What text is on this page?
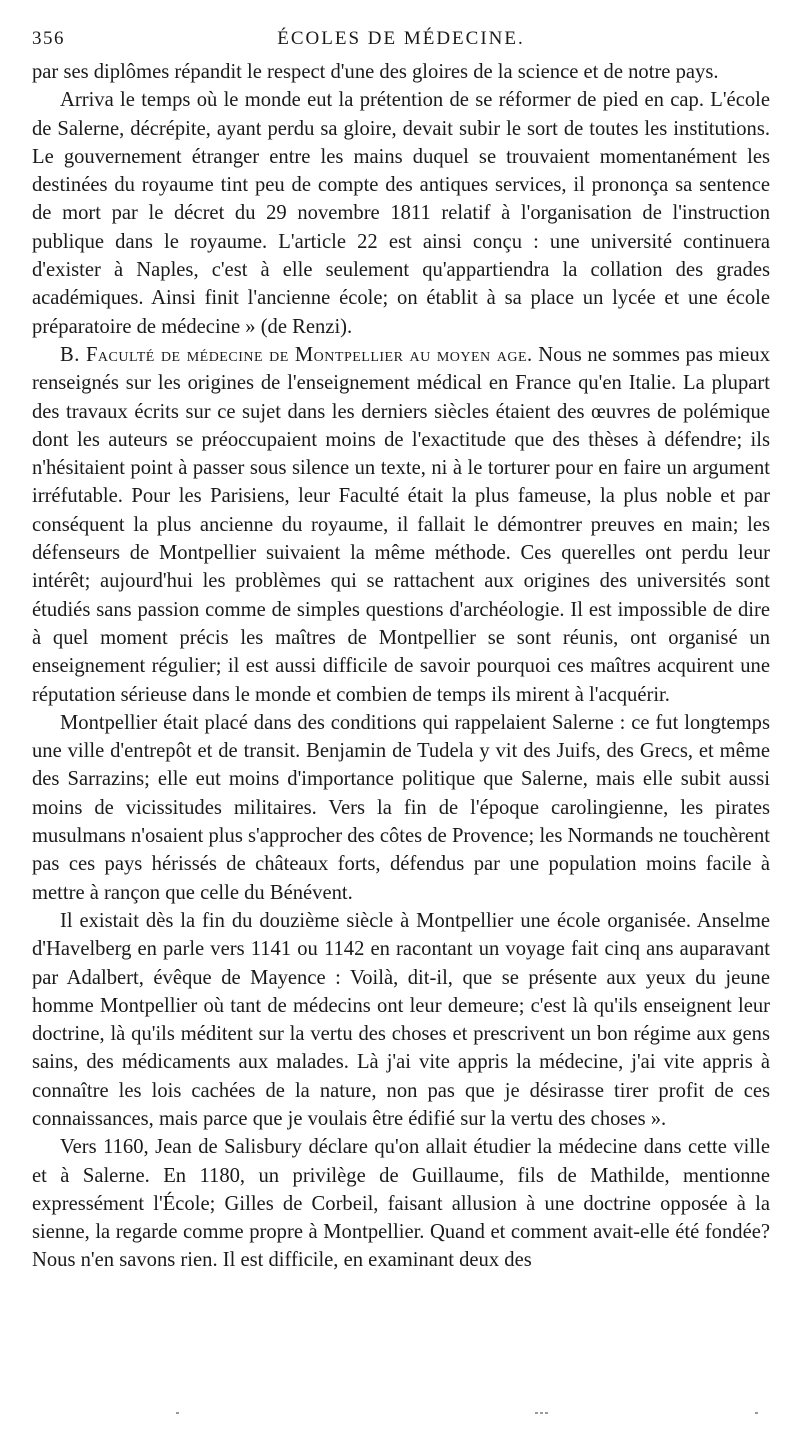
356	ÉCOLES DE MÉDECINE.

par ses diplômes répandit le respect d'une des gloires de la science et de notre pays.

Arriva le temps où le monde eut la prétention de se réformer de pied en cap. L'école de Salerne, décrépite, ayant perdu sa gloire, devait subir le sort de toutes les institutions. Le gouvernement étranger entre les mains duquel se trouvaient momentanément les destinées du royaume tint peu de compte des antiques services, il prononça sa sentence de mort par le décret du 29 novembre 1811 relatif à l'organisation de l'instruction publique dans le royaume. L'article 22 est ainsi conçu : une université continuera d'exister à Naples, c'est à elle seulement qu'appartiendra la collation des grades académiques. Ainsi finit l'ancienne école; on établit à sa place un lycée et une école préparatoire de médecine » (de Renzi).

B. Faculté de médecine de Montpellier au moyen age. Nous ne sommes pas mieux renseignés sur les origines de l'enseignement médical en France qu'en Italie. La plupart des travaux écrits sur ce sujet dans les derniers siècles étaient des œuvres de polémique dont les auteurs se préoccupaient moins de l'exactitude que des thèses à défendre; ils n'hésitaient point à passer sous silence un texte, ni à le torturer pour en faire un argument irréfutable. Pour les Parisiens, leur Faculté était la plus fameuse, la plus noble et par conséquent la plus ancienne du royaume, il fallait le démontrer preuves en main; les défenseurs de Montpellier suivaient la même méthode. Ces querelles ont perdu leur intérêt; aujourd'hui les problèmes qui se rattachent aux origines des universités sont étudiés sans passion comme de simples questions d'archéologie. Il est impossible de dire à quel moment précis les maîtres de Montpellier se sont réunis, ont organisé un enseignement régulier; il est aussi difficile de savoir pourquoi ces maîtres acquirent une réputation sérieuse dans le monde et combien de temps ils mirent à l'acquérir.

Montpellier était placé dans des conditions qui rappelaient Salerne : ce fut longtemps une ville d'entrepôt et de transit. Benjamin de Tudela y vit des Juifs, des Grecs, et même des Sarrazins; elle eut moins d'importance politique que Salerne, mais elle subit aussi moins de vicissitudes militaires. Vers la fin de l'époque carolingienne, les pirates musulmans n'osaient plus s'approcher des côtes de Provence; les Normands ne touchèrent pas ces pays hérissés de châteaux forts, défendus par une population moins facile à mettre à rançon que celle du Bénévent.

Il existait dès la fin du douzième siècle à Montpellier une école organisée. Anselme d'Havelberg en parle vers 1141 ou 1142 en racontant un voyage fait cinq ans auparavant par Adalbert, évêque de Mayence : Voilà, dit-il, que se présente aux yeux du jeune homme Montpellier où tant de médecins ont leur demeure; c'est là qu'ils enseignent leur doctrine, là qu'ils méditent sur la vertu des choses et prescrivent un bon régime aux gens sains, des médicaments aux malades. Là j'ai vite appris la médecine, j'ai vite appris à connaître les lois cachées de la nature, non pas que je désirasse tirer profit de ces connaissances, mais parce que je voulais être édifié sur la vertu des choses ».

Vers 1160, Jean de Salisbury déclare qu'on allait étudier la médecine dans cette ville et à Salerne. En 1180, un privilège de Guillaume, fils de Mathilde, mentionne expressément l'École; Gilles de Corbeil, faisant allusion à une doctrine opposée à la sienne, la regarde comme propre à Montpellier. Quand et comment avait-elle été fondée? Nous n'en savons rien. Il est difficile, en examinant deux des
